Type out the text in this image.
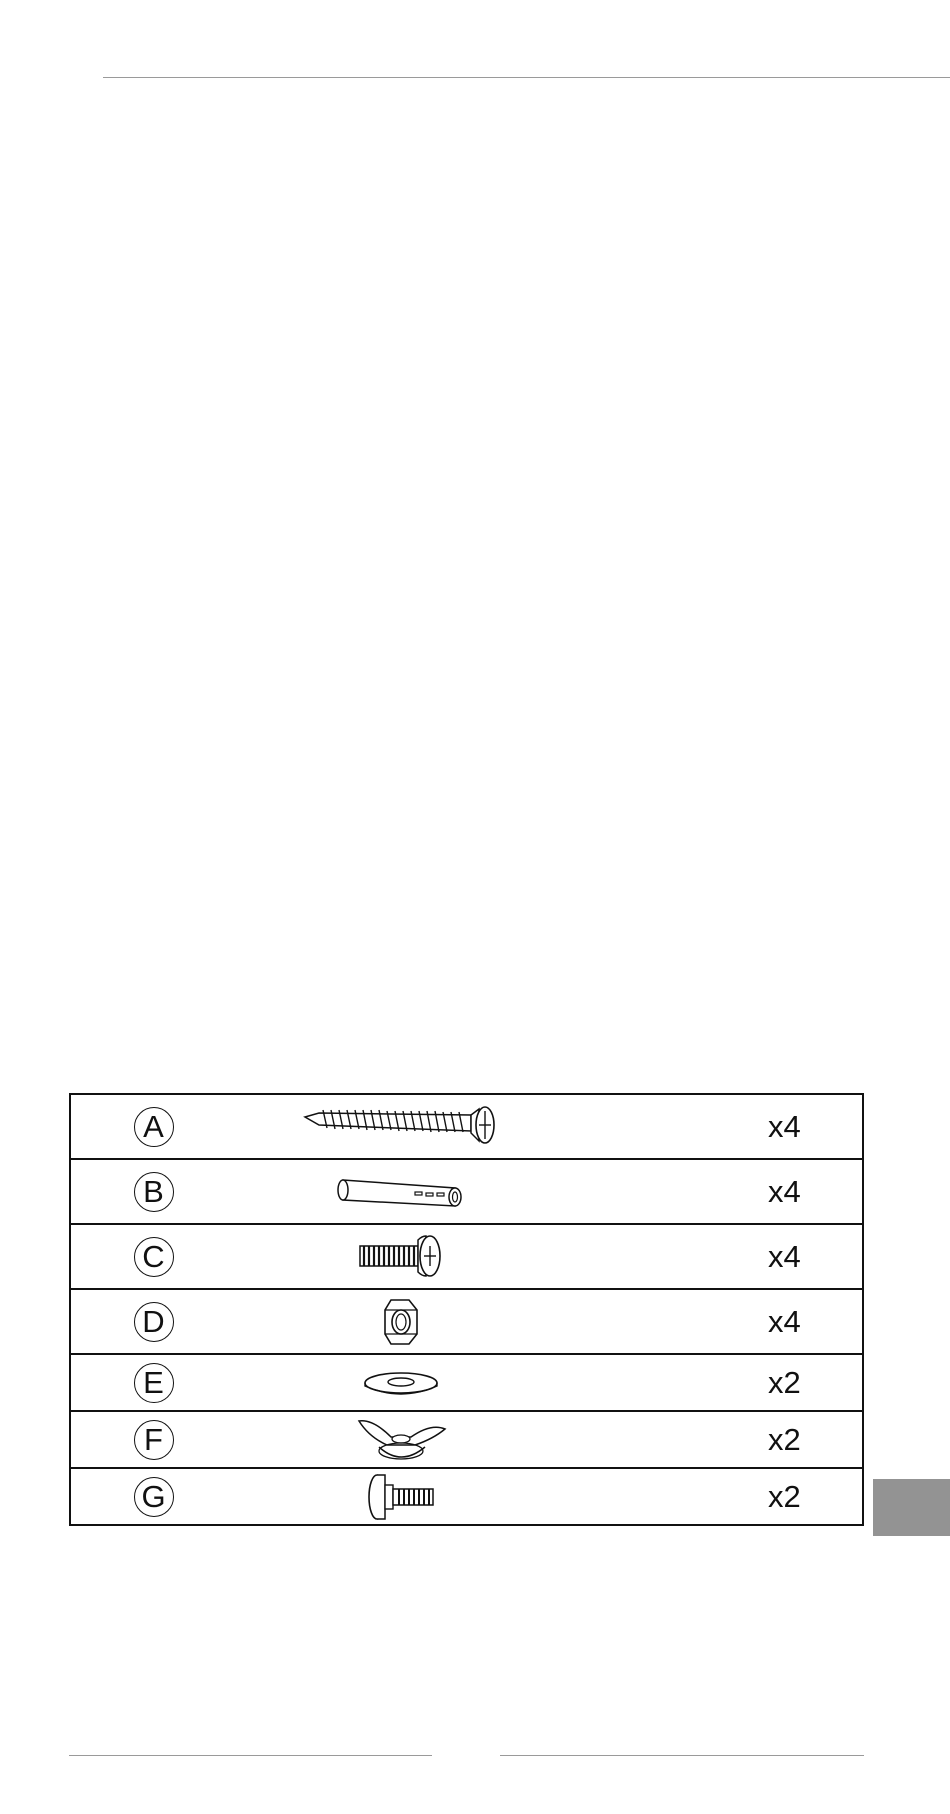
A		x4
B		x4
C		x4
D		x4
E		x2
F		x2
G		x2
